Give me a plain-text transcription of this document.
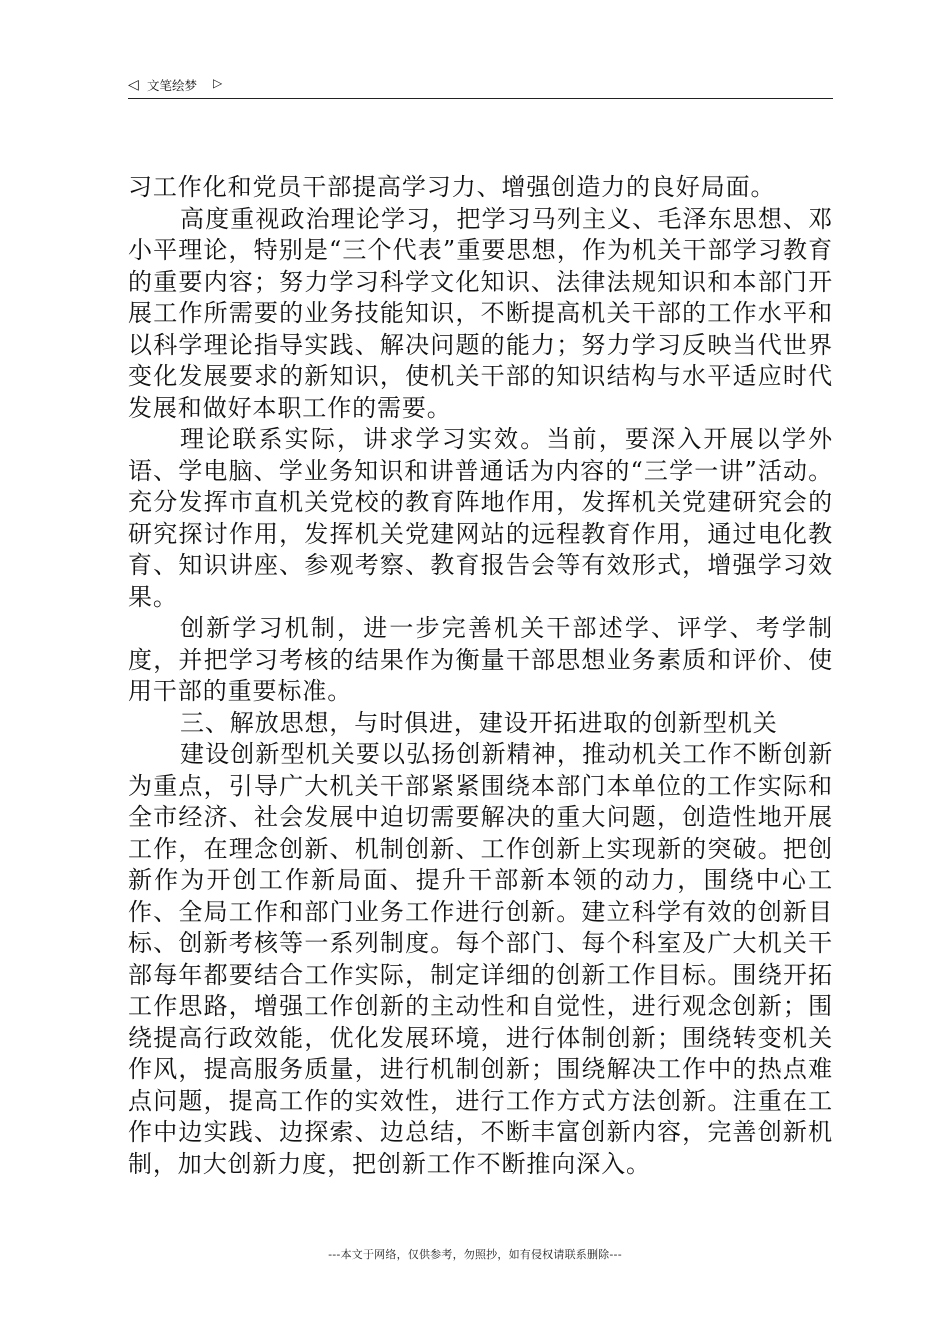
◁ 文笔绘梦 ▷

习工作化和党员干部提高学习力、增强创造力的良好局面。

高度重视政治理论学习，把学习马列主义、毛泽东思想、邓小平理论，特别是“三个代表”重要思想，作为机关干部学习教育的重要内容；努力学习科学文化知识、法律法规知识和本部门开展工作所需要的业务技能知识，不断提高机关干部的工作水平和以科学理论指导实践、解决问题的能力；努力学习反映当代世界变化发展要求的新知识，使机关干部的知识结构与水平适应时代发展和做好本职工作的需要。

理论联系实际，讲求学习实效。当前，要深入开展以学外语、学电脑、学业务知识和讲普通话为内容的“三学一讲”活动。充分发挥市直机关党校的教育阵地作用，发挥机关党建研究会的研究探讨作用，发挥机关党建网站的远程教育作用，通过电化教育、知识讲座、参观考察、教育报告会等有效形式，增强学习效果。

创新学习机制，进一步完善机关干部述学、评学、考学制度，并把学习考核的结果作为衡量干部思想业务素质和评价、使用干部的重要标准。

三、解放思想，与时俱进，建设开拓进取的创新型机关

建设创新型机关要以弘扬创新精神，推动机关工作不断创新为重点，引导广大机关干部紧紧围绕本部门本单位的工作实际和全市经济、社会发展中迫切需要解决的重大问题，创造性地开展工作，在理念创新、机制创新、工作创新上实现新的突破。把创新作为开创工作新局面、提升干部新本领的动力，围绕中心工作、全局工作和部门业务工作进行创新。建立科学有效的创新目标、创新考核等一系列制度。每个部门、每个科室及广大机关干部每年都要结合工作实际，制定详细的创新工作目标。围绕开拓工作思路，增强工作创新的主动性和自觉性，进行观念创新；围绕提高行政效能，优化发展环境，进行体制创新；围绕转变机关作风，提高服务质量，进行机制创新；围绕解决工作中的热点难点问题，提高工作的实效性，进行工作方式方法创新。注重在工作中边实践、边探索、边总结，不断丰富创新内容，完善创新机制，加大创新力度，把创新工作不断推向深入。

---本文于网络，仅供参考，勿照抄，如有侵权请联系删除---
